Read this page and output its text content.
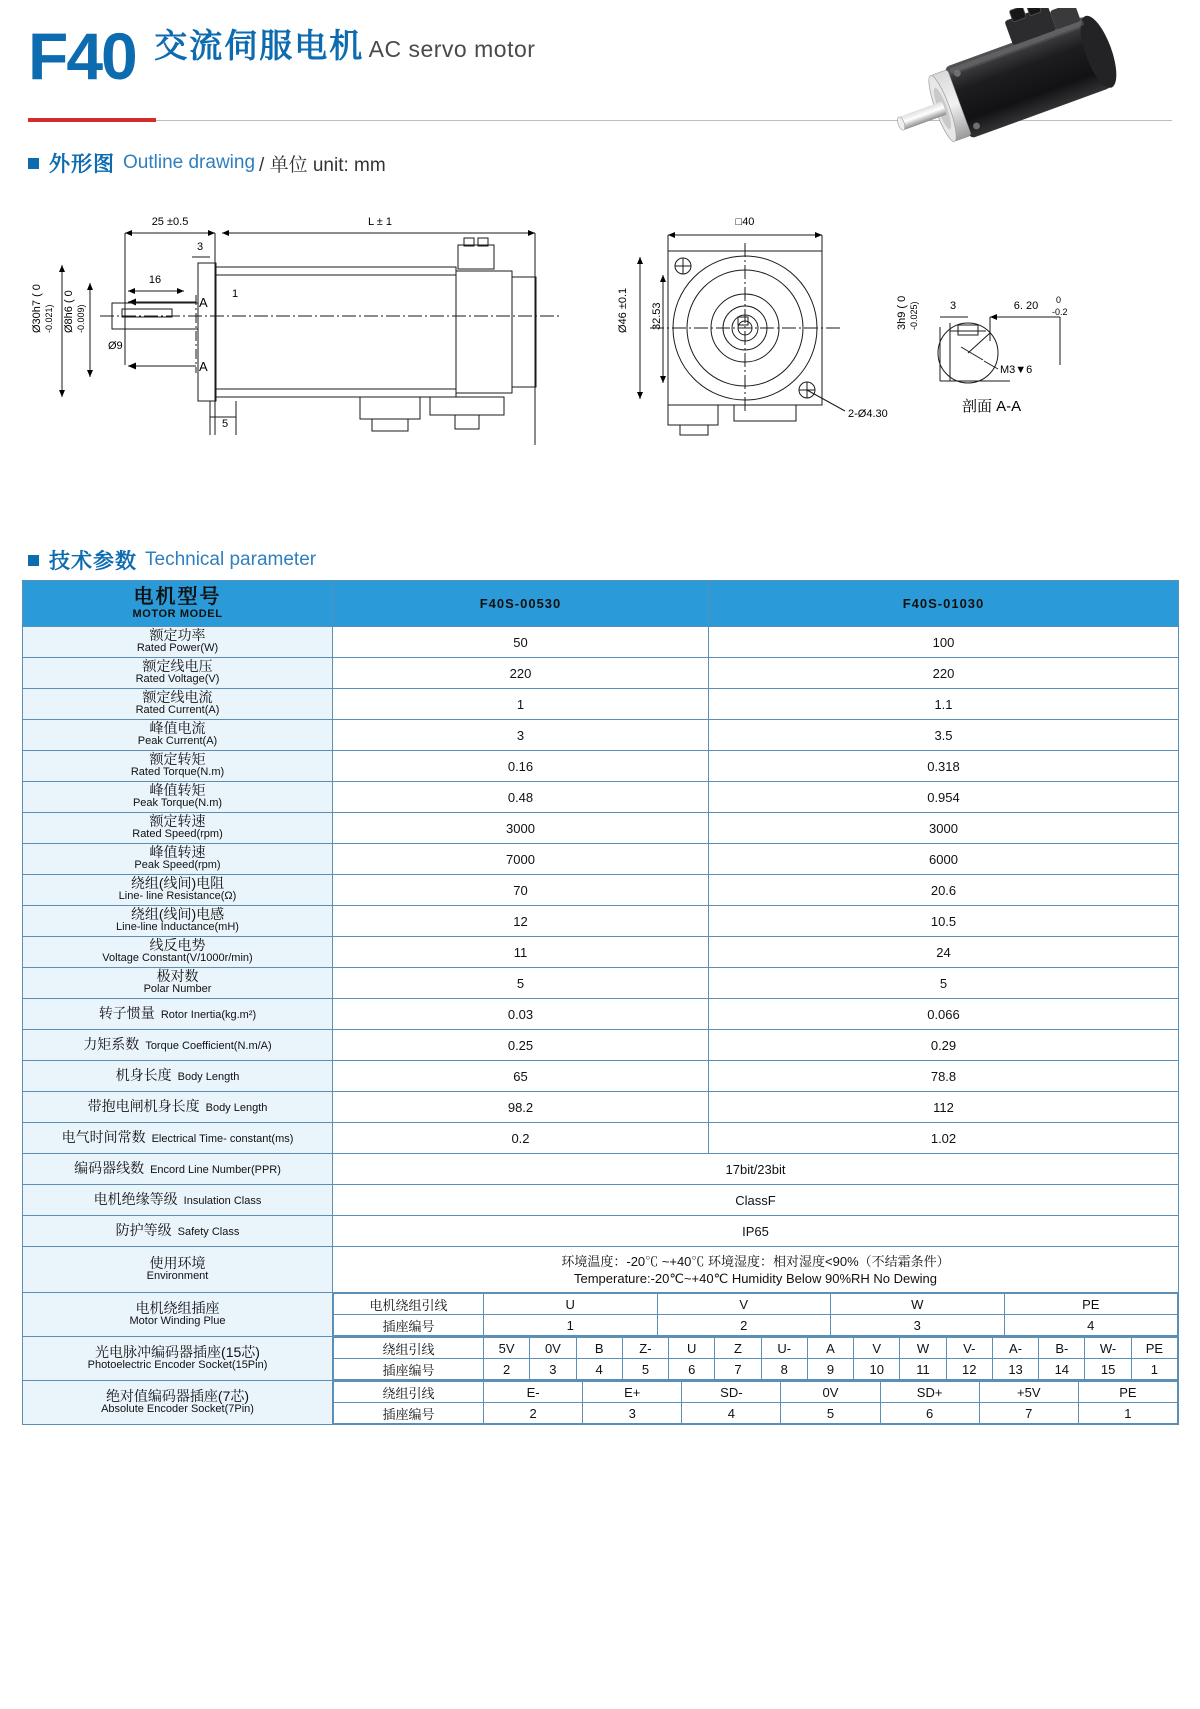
F40 交流伺服电机 AC servo motor
外形图 Outline drawing / 单位 unit: mm
25 ±0.5	L ± 1
3
16
1
A
A
Ø30h7 ( 0 -0.021) Ø8h6 ( 0 -0.009)
Ø9
5
□40
Ø46 ±0.1 32.53
2-Ø4.30
3h9 ( 0 -0.025)	3	6. 20 0
-0.2
M3▼6
剖面 A-A
技术参数 Technical parameter
电机型号
MOTOR MODEL
	F40S-00530	F40S-01030

额定功率
Rated Power(W)	50	100

额定线电压
Rated Voltage(V)	220	220

额定线电流
Rated Current(A)	1	1.1

峰值电流
Peak Current(A)	3	3.5

额定转矩
Rated Torque(N.m)	0.16	0.318

峰值转矩
Peak Torque(N.m)	0.48	0.954

额定转速
Rated Speed(rpm)	3000	3000

峰值转速
Peak Speed(rpm)	7000	6000

绕组(线间)电阻
Line- line Resistance(Ω)	70	20.6

绕组(线间)电感
Line-line Inductance(mH)	12	10.5

线反电势
Voltage Constant(V/1000r/min)	11	24

极对数
Polar Number	5	5
转子惯量 Rotor Inertia(kg.m²)	0.03	0.066
力矩系数 Torque Coefficient(N.m/A)	0.25	0.29
机身长度 Body Length	65	78.8
带抱电闸机身长度 Body Length	98.2	112
电气时间常数 Electrical Time- constant(ms)	0.2	1.02
编码器线数 Encord Line Number(PPR)	17bit/23bit
电机绝缘等级 Insulation Class	ClassF
防护等级 Safety Class	IP65

使用环境
Environment

环境温度：-20℃ ~+40℃ 环境湿度：相对湿度<90%（不结霜条件）
Temperature:-20℃~+40℃ Humidity Below 90%RH No Dewing

电机绕组插座
Motor Winding Plue

电机绕组引线	U	V	W	PE
插座编号	1	2	3	4

光电脉冲编码器插座(15芯)
Photoelectric Encoder Socket(15Pin)

绕组引线	5V	0V	B	Z-	U	Z	U-	A	V	W	V-	A-	B-	W-	PE
插座编号	2	3	4	5	6	7	8	9	10	11	12	13	14	15	1

绝对值编码器插座(7芯)
Absolute Encoder Socket(7Pin)

绕组引线	E-	E+	SD-	0V	SD+	+5V	PE
插座编号	2	3	4	5	6	7	1
